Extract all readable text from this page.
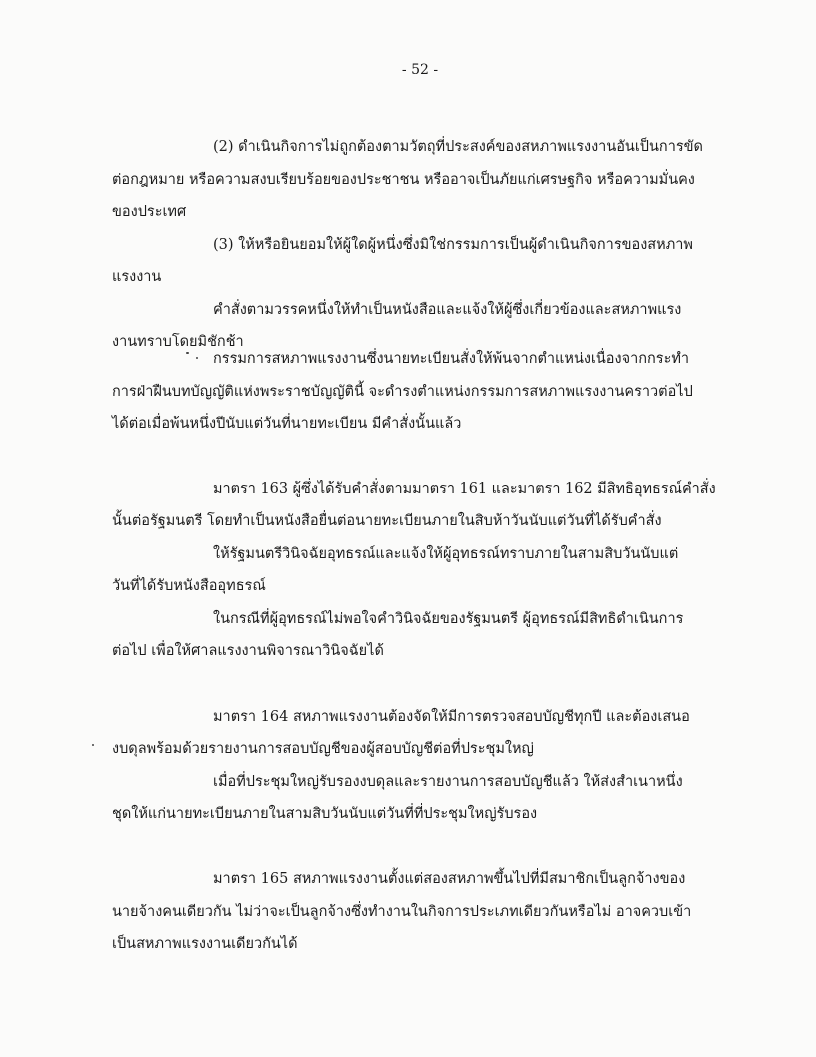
- 52 -
(2) ดำเนินกิจการไม่ถูกต้องตามวัตถุที่ประสงค์ของสหภาพแรงงานอันเป็นการขัด
ต่อกฎหมาย หรือความสงบเรียบร้อยของประชาชน หรืออาจเป็นภัยแก่เศรษฐกิจ หรือความมั่นคง
ของประเทศ
(3) ให้หรือยินยอมให้ผู้ใดผู้หนึ่งซึ่งมิใช่กรรมการเป็นผู้ดำเนินกิจการของสหภาพ
แรงงาน
คำสั่งตามวรรคหนึ่งให้ทำเป็นหนังสือและแจ้งให้ผู้ซึ่งเกี่ยวข้องและสหภาพแรง
งานทราบโดยมิชักช้า
กรรมการสหภาพแรงงานซึ่งนายทะเบียนสั่งให้พ้นจากตำแหน่งเนื่องจากกระทำ
การฝ่าฝืนบทบัญญัติแห่งพระราชบัญญัตินี้ จะดำรงตำแหน่งกรรมการสหภาพแรงงานคราวต่อไป
ได้ต่อเมื่อพ้นหนึ่งปีนับแต่วันที่นายทะเบียน มีคำสั่งนั้นแล้ว
มาตรา 163 ผู้ซึ่งได้รับคำสั่งตามมาตรา 161 และมาตรา 162 มีสิทธิอุทธรณ์คำสั่ง
นั้นต่อรัฐมนตรี โดยทำเป็นหนังสือยื่นต่อนายทะเบียนภายในสิบห้าวันนับแต่วันที่ได้รับคำสั่ง
ให้รัฐมนตรีวินิจฉัยอุทธรณ์และแจ้งให้ผู้อุทธรณ์ทราบภายในสามสิบวันนับแต่
วันที่ได้รับหนังสืออุทธรณ์
ในกรณีที่ผู้อุทธรณ์ไม่พอใจคำวินิจฉัยของรัฐมนตรี ผู้อุทธรณ์มีสิทธิดำเนินการ
ต่อไป เพื่อให้ศาลแรงงานพิจารณาวินิจฉัยได้
มาตรา 164 สหภาพแรงงานต้องจัดให้มีการตรวจสอบบัญชีทุกปี และต้องเสนอ
งบดุลพร้อมด้วยรายงานการสอบบัญชีของผู้สอบบัญชีต่อที่ประชุมใหญ่
เมื่อที่ประชุมใหญ่รับรองงบดุลและรายงานการสอบบัญชีแล้ว ให้ส่งสำเนาหนึ่ง
ชุดให้แก่นายทะเบียนภายในสามสิบวันนับแต่วันที่ที่ประชุมใหญ่รับรอง
มาตรา 165 สหภาพแรงงานตั้งแต่สองสหภาพขึ้นไปที่มีสมาชิกเป็นลูกจ้างของ
นายจ้างคนเดียวกัน ไม่ว่าจะเป็นลูกจ้างซึ่งทำงานในกิจการประเภทเดียวกันหรือไม่ อาจควบเข้า
เป็นสหภาพแรงงานเดียวกันได้
